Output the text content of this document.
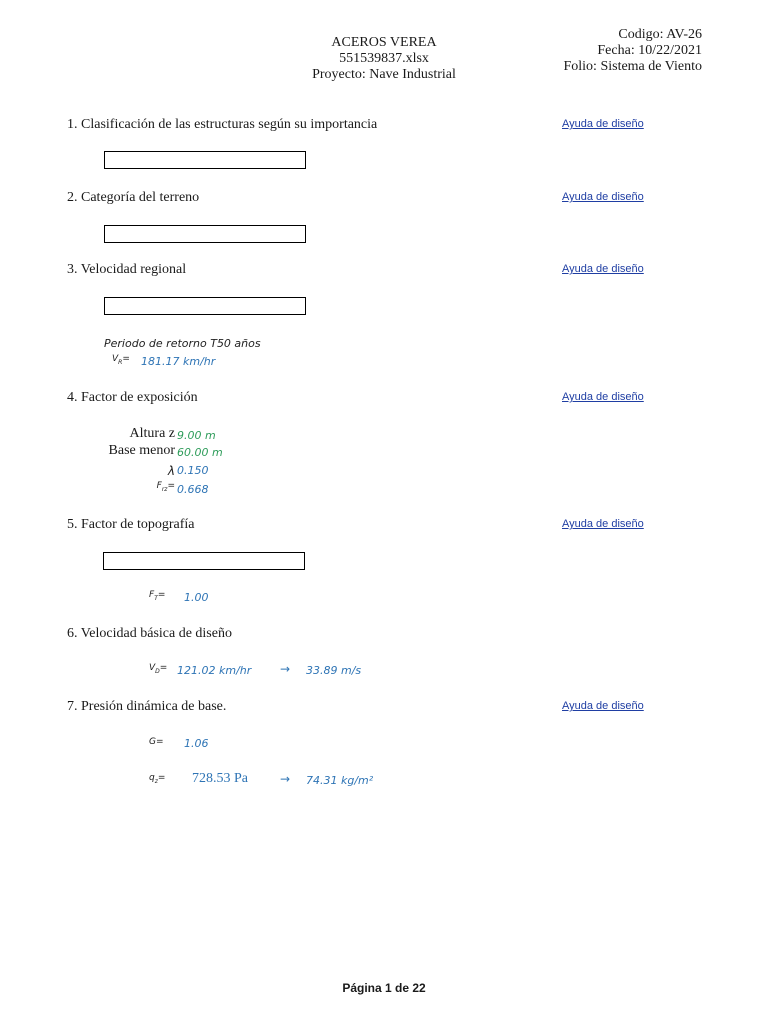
ACEROS VEREA
551539837.xlsx
Proyecto: Nave Industrial
Codigo: AV-26
Fecha: 10/22/2021
Folio: Sistema de Viento
1. Clasificación de las estructuras según su importancia	Ayuda de diseño
2. Categoría del terreno	Ayuda de diseño
3. Velocidad regional	Ayuda de diseño
Periodo de retorno T50 años
$V_R= 181.17$ km/hr
4. Factor de exposición	Ayuda de diseño
Altura z 9.00 m
Base menor 60.00 m
λ 0.150
$F_{rz}= 0.668$
5. Factor de topografía	Ayuda de diseño
$F_T= 1.00$
6. Velocidad básica de diseño
$V_D= 121.02$ km/hr → 33.89 m/s
7. Presión dinámica de base.	Ayuda de diseño
G= 1.06
$q_z= 728.53$ Pa	→ 74.31 kg/m²
Página 1 de 22
